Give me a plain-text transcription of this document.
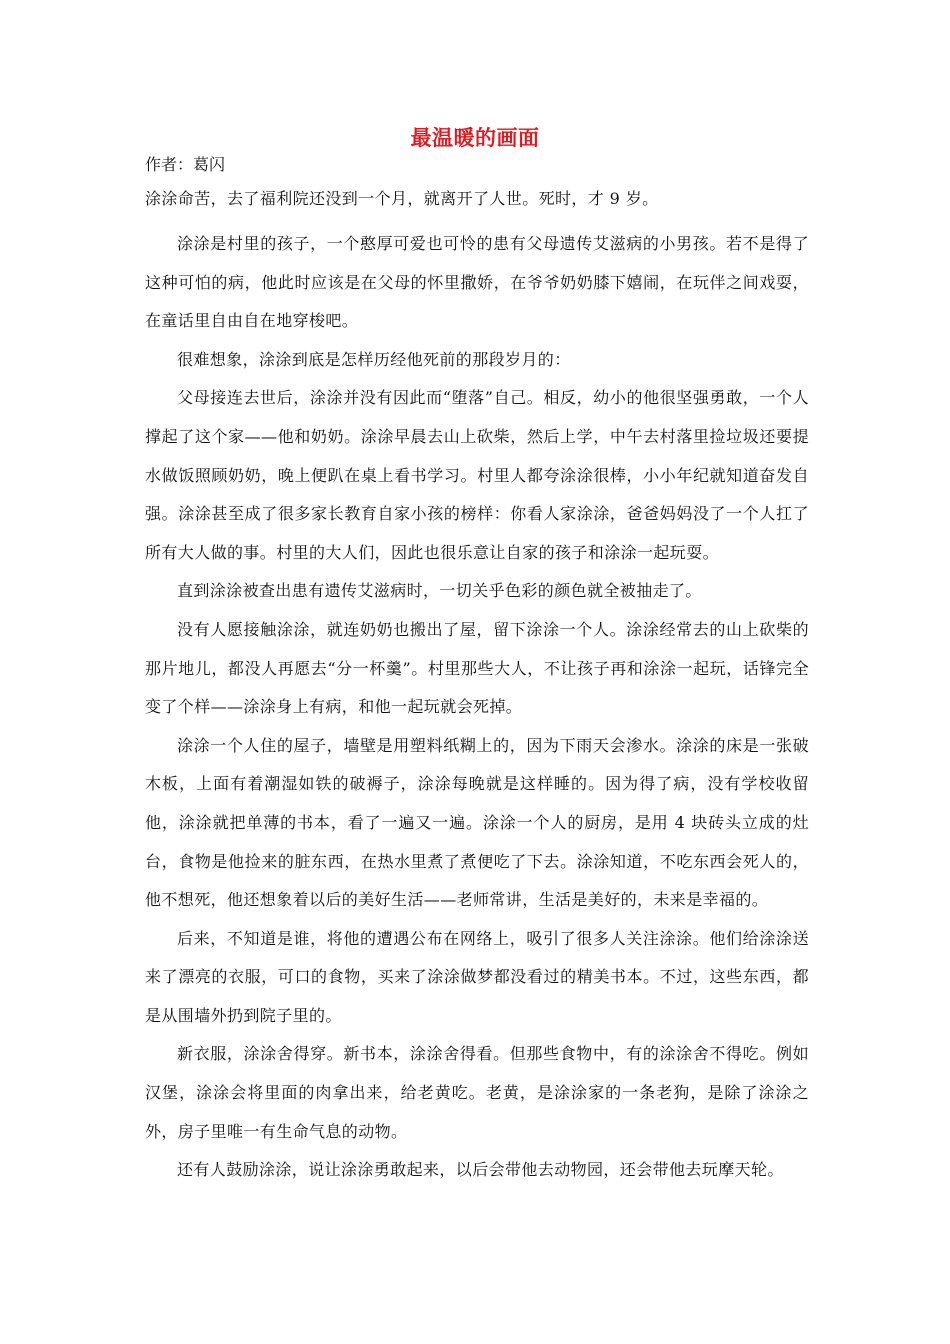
最温暖的画面
作者：葛闪

涂涂命苦，去了福利院还没到一个月，就离开了人世。死时，才 9 岁。

涂涂是村里的孩子，一个憨厚可爱也可怜的患有父母遗传艾滋病的小男孩。若不是得了这种可怕的病，他此时应该是在父母的怀里撒娇，在爷爷奶奶膝下嬉闹，在玩伴之间戏耍，在童话里自由自在地穿梭吧。

很难想象，涂涂到底是怎样历经他死前的那段岁月的：

父母接连去世后，涂涂并没有因此而“堕落”自己。相反，幼小的他很坚强勇敢，一个人撑起了这个家——他和奶奶。涂涂早晨去山上砍柴，然后上学，中午去村落里捡垃圾还要提水做饭照顾奶奶，晚上便趴在桌上看书学习。村里人都夸涂涂很棒，小小年纪就知道奋发自强。涂涂甚至成了很多家长教育自家小孩的榜样：你看人家涂涂，爸爸妈妈没了一个人扛了所有大人做的事。村里的大人们，因此也很乐意让自家的孩子和涂涂一起玩耍。

直到涂涂被查出患有遗传艾滋病时，一切关乎色彩的颜色就全被抽走了。

没有人愿接触涂涂，就连奶奶也搬出了屋，留下涂涂一个人。涂涂经常去的山上砍柴的那片地儿，都没人再愿去“分一杯羹”。村里那些大人，不让孩子再和涂涂一起玩，话锋完全变了个样——涂涂身上有病，和他一起玩就会死掉。

涂涂一个人住的屋子，墙壁是用塑料纸糊上的，因为下雨天会渗水。涂涂的床是一张破木板，上面有着潮湿如铁的破褥子，涂涂每晚就是这样睡的。因为得了病，没有学校收留他，涂涂就把单薄的书本，看了一遍又一遍。涂涂一个人的厨房，是用 4 块砖头立成的灶台，食物是他捡来的脏东西，在热水里煮了煮便吃了下去。涂涂知道，不吃东西会死人的，他不想死，他还想象着以后的美好生活——老师常讲，生活是美好的，未来是幸福的。

后来，不知道是谁，将他的遭遇公布在网络上，吸引了很多人关注涂涂。他们给涂涂送来了漂亮的衣服，可口的食物，买来了涂涂做梦都没看过的精美书本。不过，这些东西，都是从围墙外扔到院子里的。

新衣服，涂涂舍得穿。新书本，涂涂舍得看。但那些食物中，有的涂涂舍不得吃。例如汉堡，涂涂会将里面的肉拿出来，给老黄吃。老黄，是涂涂家的一条老狗，是除了涂涂之外，房子里唯一有生命气息的动物。

还有人鼓励涂涂，说让涂涂勇敢起来，以后会带他去动物园，还会带他去玩摩天轮。
